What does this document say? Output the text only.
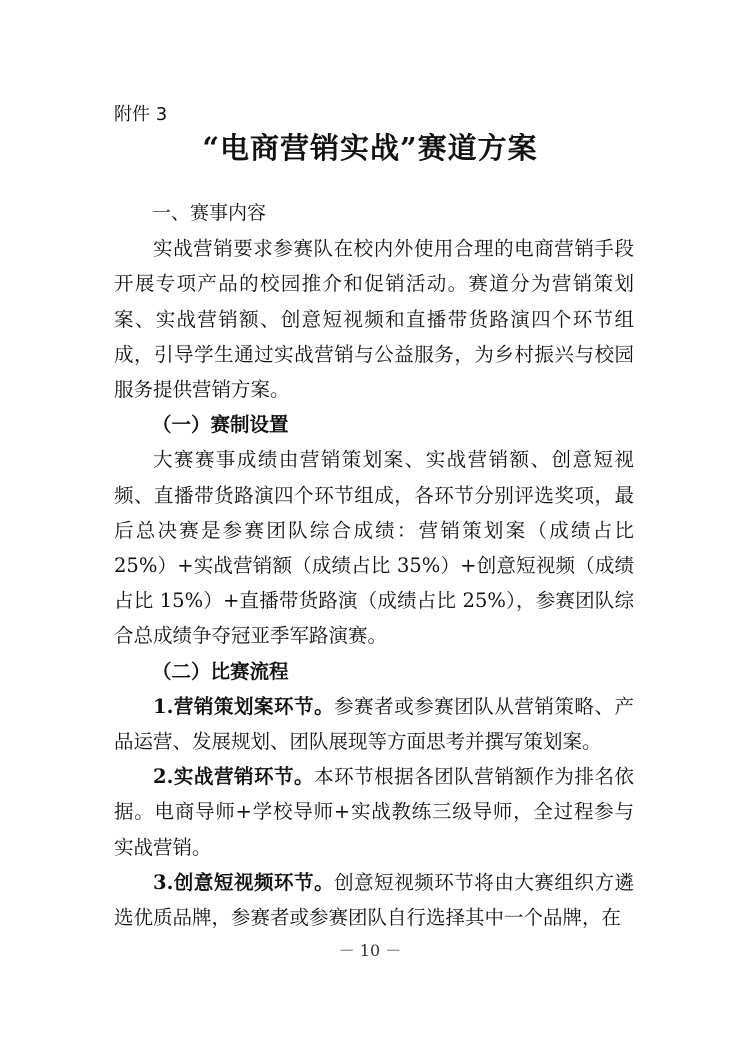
附件 3
“电商营销实战”赛道方案

一、赛事内容

实战营销要求参赛队在校内外使用合理的电商营销手段开展专项产品的校园推介和促销活动。赛道分为营销策划案、实战营销额、创意短视频和直播带货路演四个环节组成，引导学生通过实战营销与公益服务，为乡村振兴与校园服务提供营销方案。

（一）赛制设置

大赛赛事成绩由营销策划案、实战营销额、创意短视频、直播带货路演四个环节组成，各环节分别评选奖项，最后总决赛是参赛团队综合成绩：营销策划案（成绩占比 25%）+实战营销额（成绩占比 35%）+创意短视频（成绩占比 15%）+直播带货路演（成绩占比 25%），参赛团队综合总成绩争夺冠亚季军路演赛。

（二）比赛流程

1.营销策划案环节。参赛者或参赛团队从营销策略、产品运营、发展规划、团队展现等方面思考并撰写策划案。

2.实战营销环节。本环节根据各团队营销额作为排名依据。电商导师+学校导师+实战教练三级导师，全过程参与实战营销。

3.创意短视频环节。创意短视频环节将由大赛组织方遴选优质品牌，参赛者或参赛团队自行选择其中一个品牌，在

－ 10 －
